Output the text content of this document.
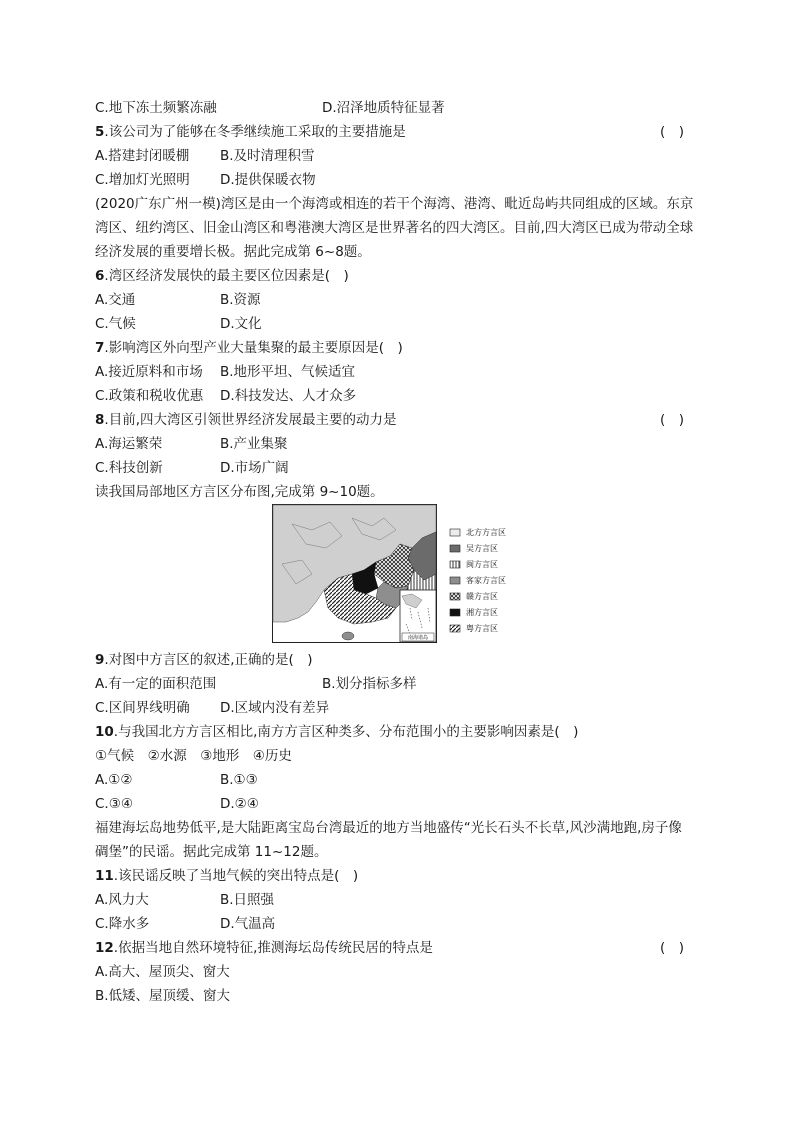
C.地下冻土频繁冻融	D.沼泽地质特征显著
5.该公司为了能够在冬季继续施工采取的主要措施是	(　)
A.搭建封闭暖棚 B.及时清理积雪
C.增加灯光照明 D.提供保暖衣物
(2020广东广州一模)湾区是由一个海湾或相连的若干个海湾、港湾、毗近岛屿共同组成的区域。东京湾区、纽约湾区、旧金山湾区和粤港澳大湾区是世界著名的四大湾区。目前,四大湾区已成为带动全球经济发展的重要增长极。据此完成第 6~8题。
6.湾区经济发展快的最主要区位因素是(　)
A.交通	B.资源
C.气候	D.文化
7.影响湾区外向型产业大量集聚的最主要原因是(　)
A.接近原料和市场 B.地形平坦、气候适宜
C.政策和税收优惠 D.科技发达、人才众多
8.目前,四大湾区引领世界经济发展最主要的动力是	(　)
A.海运繁荣	B.产业集聚
C.科技创新	D.市场广阔
读我国局部地区方言区分布图,完成第 9~10题。
南海诸岛
北方方言区
吴方言区
闽方言区
客家方言区
赣方言区
湘方言区
粤方言区
9.对图中方言区的叙述,正确的是(　)
A.有一定的面积范围	B.划分指标多样
C.区间界线明确 D.区域内没有差异
10.与我国北方方言区相比,南方方言区种类多、分布范围小的主要影响因素是(　)
①气候　②水源　③地形　④历史
A.①②	B.①③
C.③④	D.②④
福建海坛岛地势低平,是大陆距离宝岛台湾最近的地方当地盛传“光长石头不长草,风沙满地跑,房子像碉堡”的民谣。据此完成第 11~12题。
11.该民谣反映了当地气候的突出特点是(　)
A.风力大	B.日照强
C.降水多	D.气温高
12.依据当地自然环境特征,推测海坛岛传统民居的特点是	(　)
A.高大、屋顶尖、窗大
B.低矮、屋顶缓、窗大
